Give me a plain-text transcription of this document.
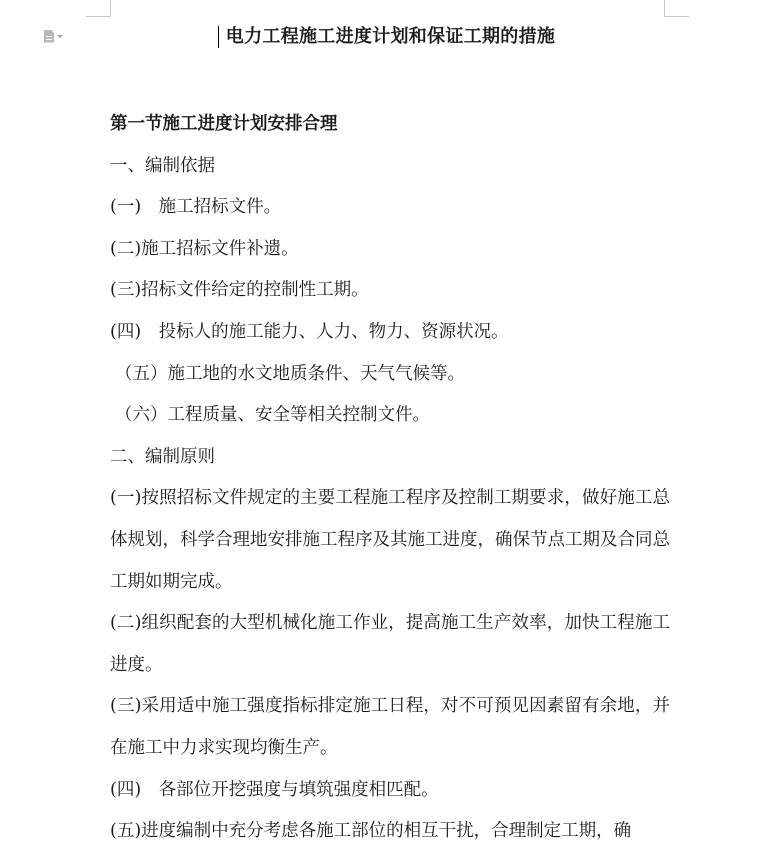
电力工程施工进度计划和保证工期的措施

第一节施工进度计划安排合理

一、编制依据

(一)　施工招标文件。

(二)施工招标文件补遗。

(三)招标文件给定的控制性工期。

(四)　投标人的施工能力、人力、物力、资源状况。

（五）施工地的水文地质条件、天气气候等。

（六）工程质量、安全等相关控制文件。

二、编制原则

(一)按照招标文件规定的主要工程施工程序及控制工期要求，做好施工总体规划，科学合理地安排施工程序及其施工进度，确保节点工期及合同总工期如期完成。

(二)组织配套的大型机械化施工作业，提高施工生产效率，加快工程施工进度。

(三)采用适中施工强度指标排定施工日程，对不可预见因素留有余地，并在施工中力求实现均衡生产。

(四)　各部位开挖强度与填筑强度相匹配。

(五)进度编制中充分考虑各施工部位的相互干扰，合理制定工期，确
